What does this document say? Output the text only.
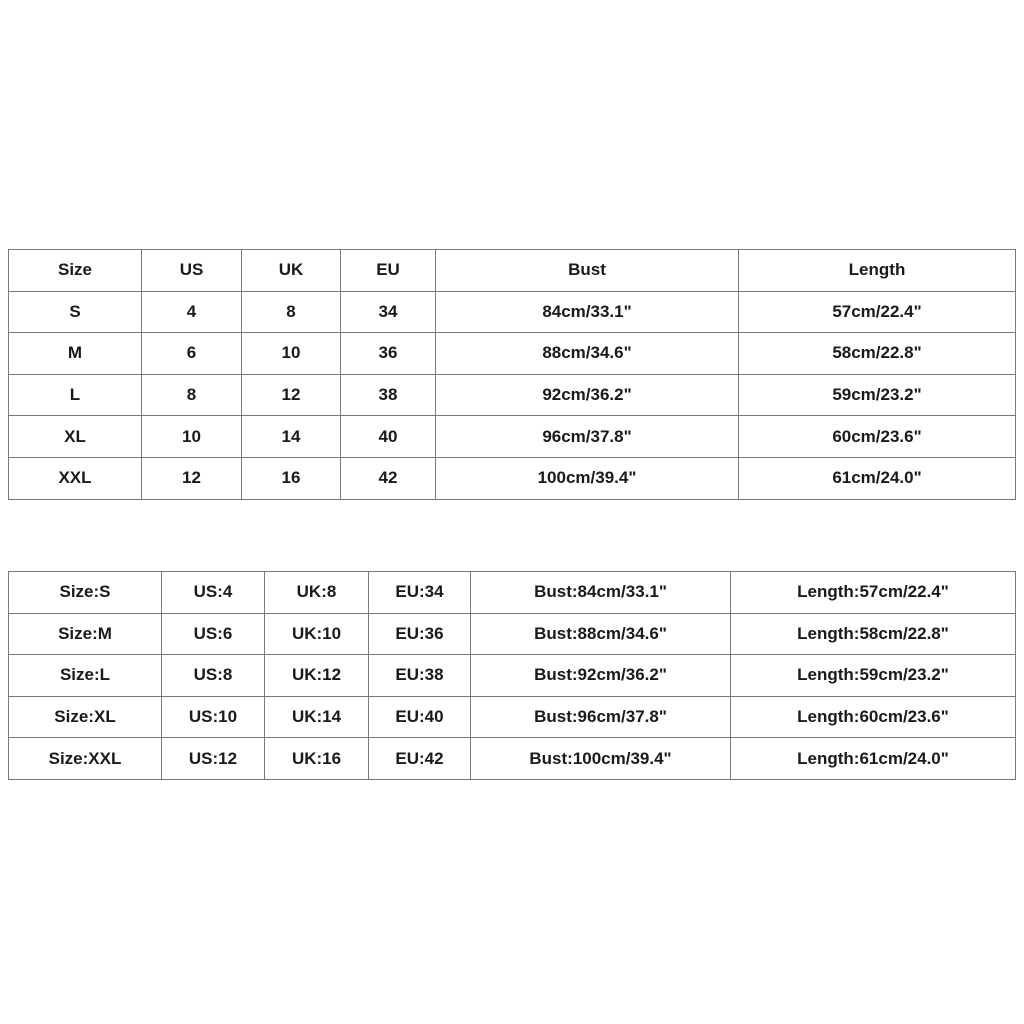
Size	US	UK	EU	Bust	Length
S	4	8	34	84cm/33.1"	57cm/22.4"
M	6	10	36	88cm/34.6"	58cm/22.8"
L	8	12	38	92cm/36.2"	59cm/23.2"
XL	10	14	40	96cm/37.8"	60cm/23.6"
XXL	12	16	42	100cm/39.4"	61cm/24.0"
Size:S	US:4	UK:8	EU:34	Bust:84cm/33.1"	Length:57cm/22.4"
Size:M	US:6	UK:10	EU:36	Bust:88cm/34.6"	Length:58cm/22.8"
Size:L	US:8	UK:12	EU:38	Bust:92cm/36.2"	Length:59cm/23.2"
Size:XL	US:10	UK:14	EU:40	Bust:96cm/37.8"	Length:60cm/23.6"
Size:XXL	US:12	UK:16	EU:42	Bust:100cm/39.4"	Length:61cm/24.0"
